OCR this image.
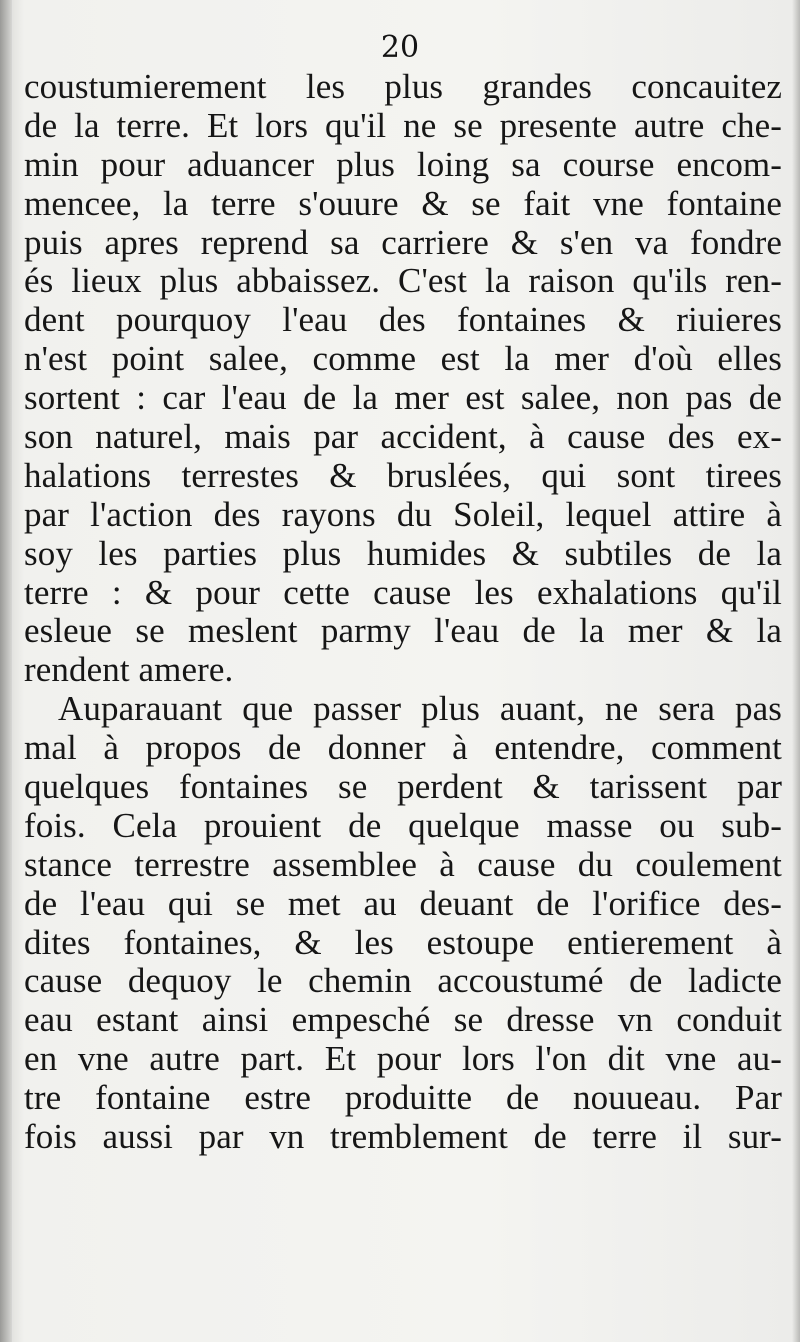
20
coustumierement les plus grandes concauitez
de la terre. Et lors qu'il ne se presente autre che-
min pour aduancer plus loing sa course encom-
mencee, la terre s'ouure & se fait vne fontaine
puis apres reprend sa carriere & s'en va fondre
és lieux plus abbaissez. C'est la raison qu'ils ren-
dent pourquoy l'eau des fontaines & riuieres
n'est point salee, comme est la mer d'où elles
sortent : car l'eau de la mer est salee, non pas de
son naturel, mais par accident, à cause des ex-
halations terrestes & bruslées, qui sont tirees
par l'action des rayons du Soleil, lequel attire à
soy les parties plus humides & subtiles de la
terre : & pour cette cause les exhalations qu'il
esleue se meslent parmy l'eau de la mer & la
rendent amere.
Auparauant que passer plus auant, ne sera pas
mal à propos de donner à entendre, comment
quelques fontaines se perdent & tarissent par
fois. Cela prouient de quelque masse ou sub-
stance terrestre assemblee à cause du coulement
de l'eau qui se met au deuant de l'orifice des-
dites fontaines, & les estoupe entierement à
cause dequoy le chemin accoustumé de ladicte
eau estant ainsi empesché se dresse vn conduit
en vne autre part. Et pour lors l'on dit vne au-
tre fontaine estre produitte de nouueau. Par
fois aussi par vn tremblement de terre il sur-
